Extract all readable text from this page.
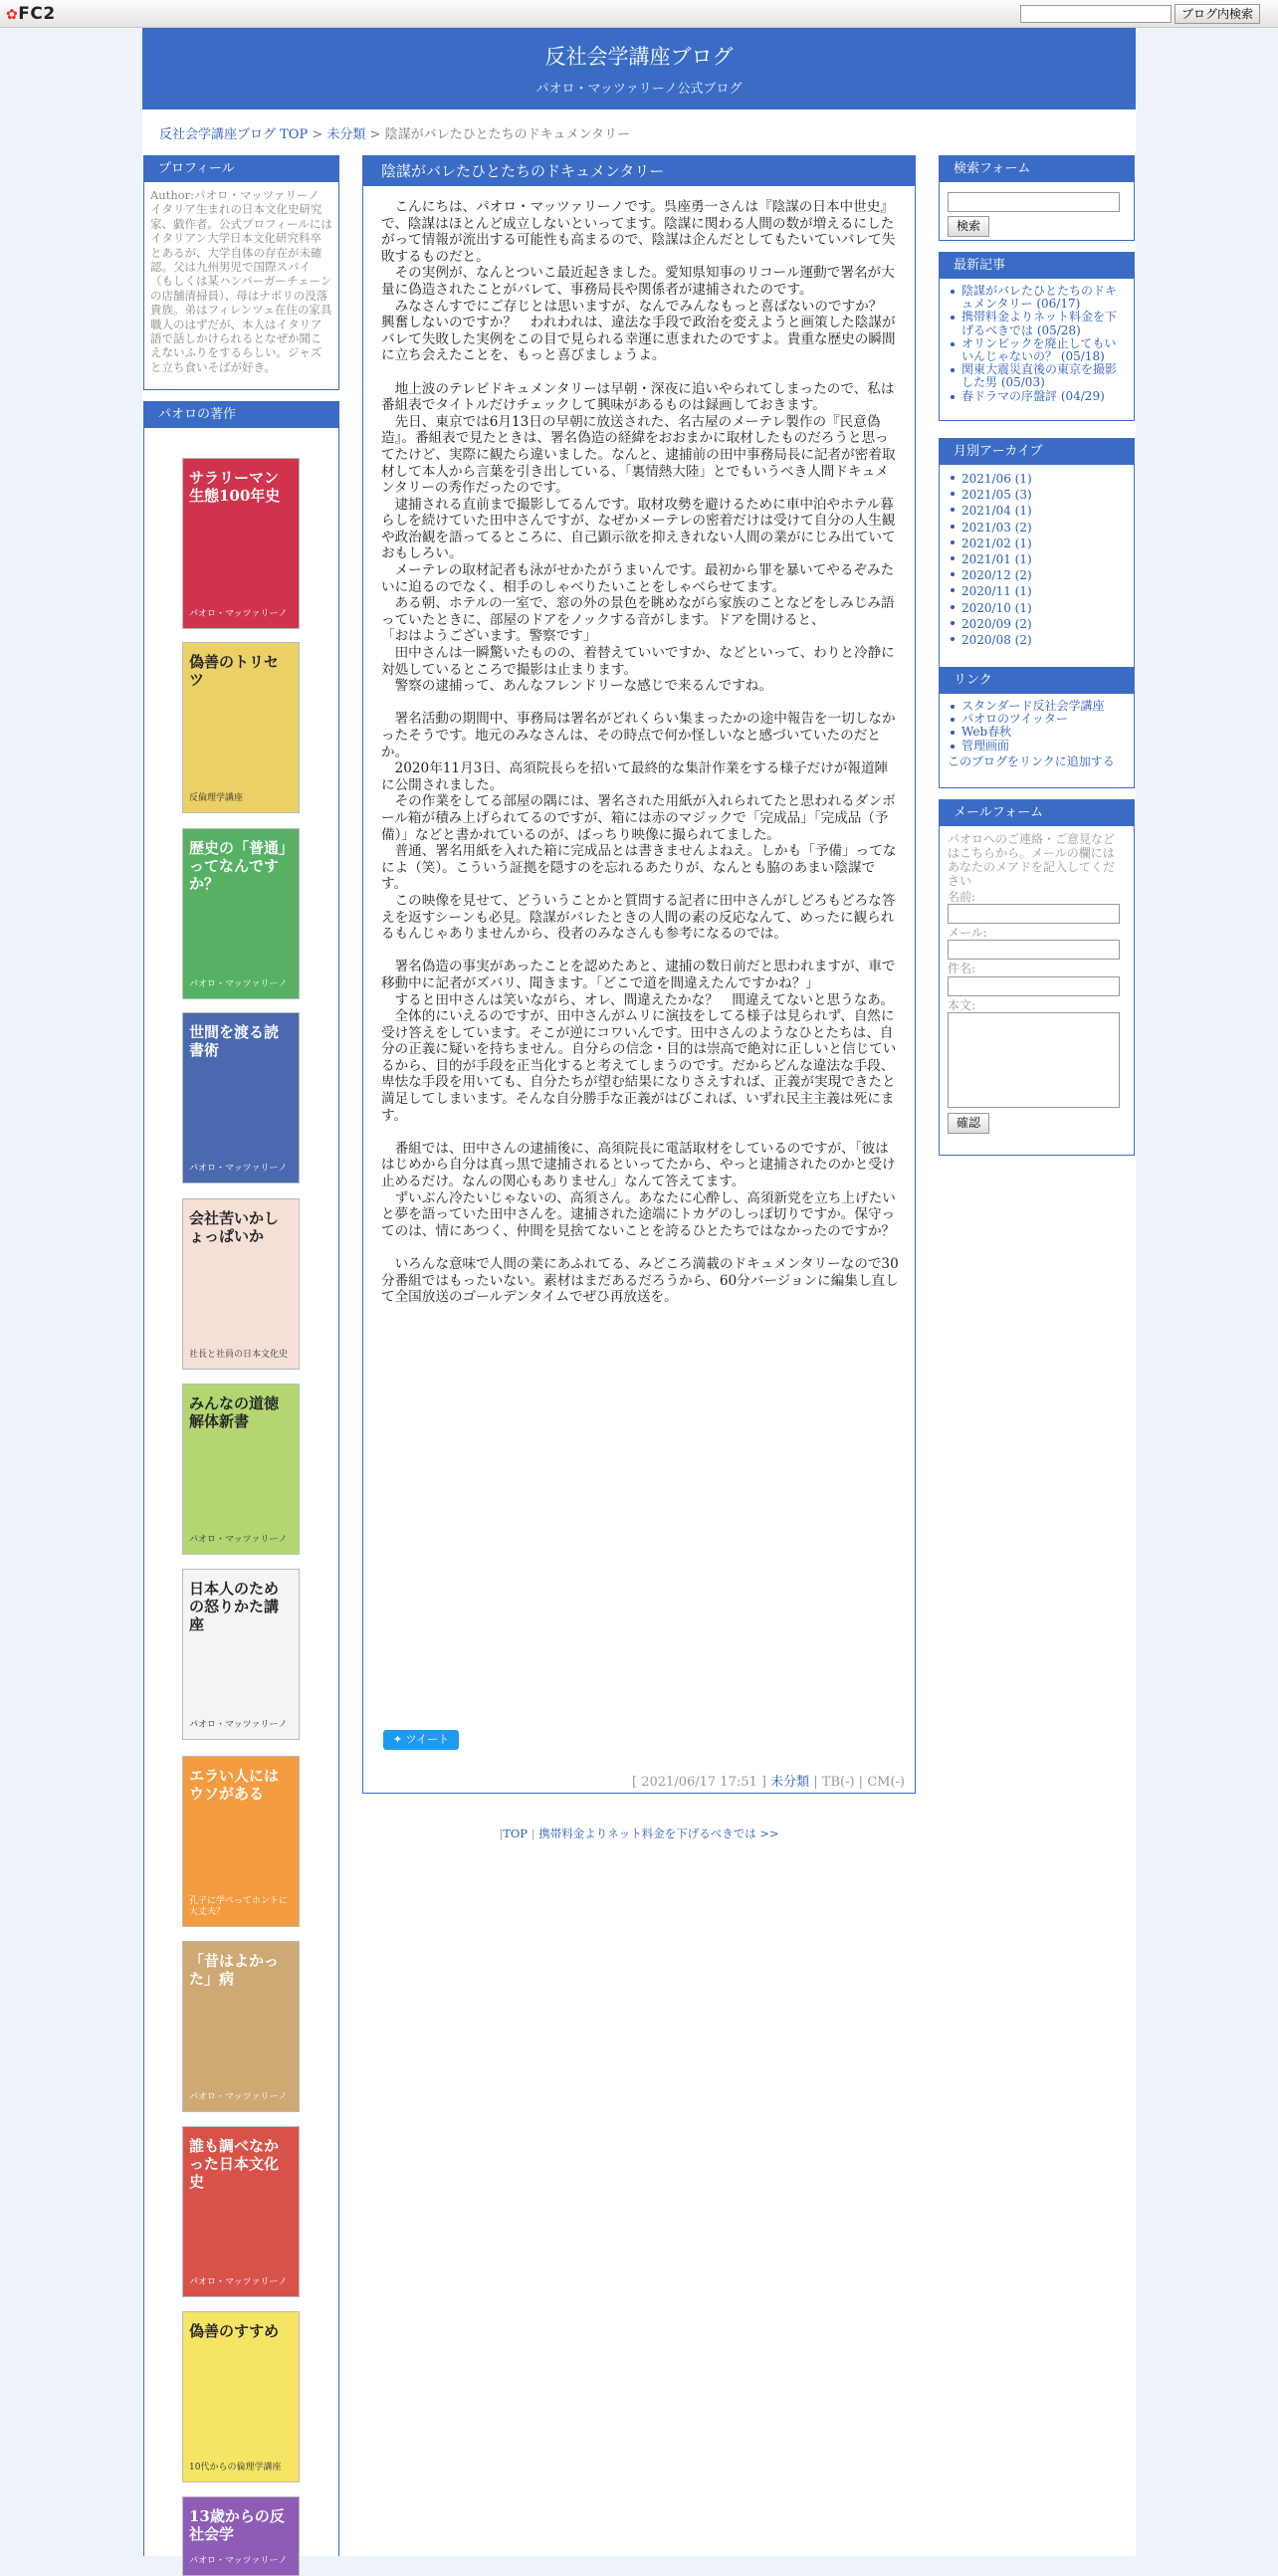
✿FC2	ブログ内検索
反社会学講座ブログ
パオロ・マッツァリーノ公式ブログ
反社会学講座ブログ TOP > 未分類 > 陰謀がバレたひとたちのドキュメンタリー
プロフィール
Author:パオロ・マッツァリーノ
イタリア生まれの日本文化史研究家、戯作者。公式プロフィールにはイタリアン大学日本文化研究科卒とあるが、大学自体の存在が未確認。父は九州男児で国際スパイ（もしくは某ハンバーガーチェーンの店舗清掃員）、母はナポリの没落貴族。弟はフィレンツェ在住の家具職人のはずだが、本人はイタリア語で話しかけられるとなぜか聞こえないふりをするらしい。ジャズと立ち食いそばが好き。
パオロの著作
サラリーマン生態100年史
パオロ・マッツァリーノ
偽善のトリセツ
反倫理学講座
歴史の「普通」ってなんですか？
パオロ・マッツァリーノ
世間を渡る読書術
パオロ・マッツァリーノ
会社苦いかしょっぱいか
社長と社員の日本文化史
みんなの道徳解体新書
パオロ・マッツァリーノ
日本人のための怒りかた講座
パオロ・マッツァリーノ
エラい人にはウソがある
孔子に学べってホントに大丈夫？
「昔はよかった」病
パオロ・マッツァリーノ
誰も調べなかった日本文化史
パオロ・マッツァリーノ
偽善のすすめ
10代からの倫理学講座
13歳からの反社会学
パオロ・マッツァリーノ
陰謀がバレたひとたちのドキュメンタリー

　こんにちは、パオロ・マッツァリーノです。呉座勇一さんは『陰謀の日本中世史』で、陰謀はほとんど成立しないといってます。陰謀に関わる人間の数が増えるにしたがって情報が流出する可能性も高まるので、陰謀は企んだとしてもたいていバレて失敗するものだと。

　その実例が、なんとついこ最近起きました。愛知県知事のリコール運動で署名が大量に偽造されたことがバレて、事務局長や関係者が逮捕されたのです。

　みなさんすでにご存じとは思いますが、なんでみんなもっと喜ばないのですか？　興奮しないのですか？　われわれは、違法な手段で政治を変えようと画策した陰謀がバレて失敗した実例をこの目で見られる幸運に恵まれたのですよ。貴重な歴史の瞬間に立ち会えたことを、もっと喜びましょうよ。

　地上波のテレビドキュメンタリーは早朝・深夜に追いやられてしまったので、私は番組表でタイトルだけチェックして興味があるものは録画しておきます。

　先日、東京では6月13日の早朝に放送された、名古屋のメーテレ製作の『民意偽造』。番組表で見たときは、署名偽造の経緯をおおまかに取材したものだろうと思ってたけど、実際に観たら違いました。なんと、逮捕前の田中事務局長に記者が密着取材して本人から言葉を引き出している、「裏情熱大陸」とでもいうべき人間ドキュメンタリーの秀作だったのです。

　逮捕される直前まで撮影してるんです。取材攻勢を避けるために車中泊やホテル暮らしを続けていた田中さんですが、なぜかメーテレの密着だけは受けて自分の人生観や政治観を語ってるところに、自己顕示欲を抑えきれない人間の業がにじみ出ていておもしろい。

　メーテレの取材記者も泳がせかたがうまいんです。最初から罪を暴いてやるぞみたいに迫るのでなく、相手のしゃべりたいことをしゃべらせてます。

　ある朝、ホテルの一室で、窓の外の景色を眺めながら家族のことなどをしみじみ語っていたときに、部屋のドアをノックする音がします。ドアを開けると、

「おはようございます。警察です」

　田中さんは一瞬驚いたものの、着替えていいですか、などといって、わりと冷静に対処しているところで撮影は止まります。

　警察の逮捕って、あんなフレンドリーな感じで来るんですね。

　署名活動の期間中、事務局は署名がどれくらい集まったかの途中報告を一切しなかったそうです。地元のみなさんは、その時点で何か怪しいなと感づいていたのだとか。

　2020年11月3日、高須院長らを招いて最終的な集計作業をする様子だけが報道陣に公開されました。

　その作業をしてる部屋の隅には、署名された用紙が入れられてたと思われるダンボール箱が積み上げられてるのですが、箱には赤のマジックで「完成品」「完成品（予備）」などと書かれているのが、ばっちり映像に撮られてました。

　普通、署名用紙を入れた箱に完成品とは書きませんよねえ。しかも「予備」ってなによ（笑）。こういう証拠を隠すのを忘れるあたりが、なんとも脇のあまい陰謀です。

　この映像を見せて、どういうことかと質問する記者に田中さんがしどろもどろな答えを返すシーンも必見。陰謀がバレたときの人間の素の反応なんて、めったに観られるもんじゃありませんから、役者のみなさんも参考になるのでは。

　署名偽造の事実があったことを認めたあと、逮捕の数日前だと思われますが、車で移動中に記者がズバリ、聞きます。「どこで道を間違えたんですかね？」

　すると田中さんは笑いながら、オレ、間違えたかな？　間違えてないと思うなあ。

　全体的にいえるのですが、田中さんがムリに演技をしてる様子は見られず、自然に受け答えをしています。そこが逆にコワいんです。田中さんのようなひとたちは、自分の正義に疑いを持ちません。自分らの信念・目的は崇高で絶対に正しいと信じているから、目的が手段を正当化すると考えてしまうのです。だからどんな違法な手段、卑怯な手段を用いても、自分たちが望む結果になりさえすれば、正義が実現できたと満足してしまいます。そんな自分勝手な正義がはびこれば、いずれ民主主義は死にます。

　番組では、田中さんの逮捕後に、高須院長に電話取材をしているのですが、「彼ははじめから自分は真っ黒で逮捕されるといってたから、やっと逮捕されたのかと受け止めるだけ。なんの関心もありません」なんて答えてます。

　ずいぶん冷たいじゃないの、高須さん。あなたに心酔し、高須新党を立ち上げたいと夢を語っていた田中さんを。逮捕された途端にトカゲのしっぽ切りですか。保守ってのは、情にあつく、仲間を見捨てないことを誇るひとたちではなかったのですか？

　いろんな意味で人間の業にあふれてる、みどころ満載のドキュメンタリーなので30分番組ではもったいない。素材はまだあるだろうから、60分バージョンに編集し直して全国放送のゴールデンタイムでぜひ再放送を。

✦ ツイート
[ 2021/06/17 17:51 ] 未分類 | TB(-) | CM(-)
|TOP | 携帯料金よりネット料金を下げるべきでは >>
検索フォーム
検索
最新記事
陰謀がバレたひとたちのドキュメンタリー (06/17)
携帯料金よりネット料金を下げるべきでは (05/28)
オリンピックを廃止してもいいんじゃないの？ (05/18)
関東大震災直後の東京を撮影した男 (05/03)
春ドラマの序盤評 (04/29)
月別アーカイブ
2021/06 (1)
2021/05 (3)
2021/04 (1)
2021/03 (2)
2021/02 (1)
2021/01 (1)
2020/12 (2)
2020/11 (1)
2020/10 (1)
2020/09 (2)
2020/08 (2)
リンク
スタンダード反社会学講座
パオロのツイッター
Web春秋
管理画面
このブログをリンクに追加する
メールフォーム
パオロへのご連絡・ご意見などはこちらから。メールの欄にはあなたのメアドを記入してください
名前:
メール:
件名:
本文:
確認
